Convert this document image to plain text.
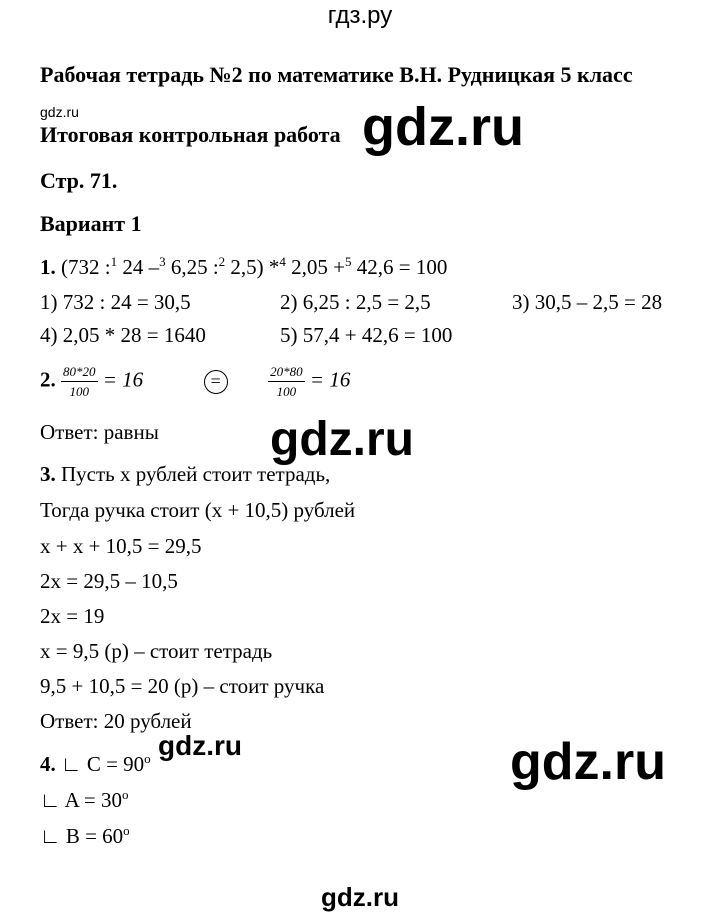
гдз.ру
Рабочая тетрадь №2 по математике В.Н. Рудницкая 5 класс
gdz.ru
Итоговая контрольная работа gdz.ru
Стр. 71.
Вариант 1
1. (732 :$^1$ 24 –$^3$ 6,25 :$^2$ 2,5) *$^4$ 2,05 +$^5$ 42,6 = 100
1) 732 : 24 = 30,5	2) 6,25 : 2,5 = 2,5	3) 30,5 – 2,5 = 28
4) 2,05 * 28 = 1640	5) 57,4 + 42,6 = 100
2. $\frac{80*20}{100} = 16$	=	$\frac{20*80}{100} = 16$
Ответ: равны gdz.ru
3. Пусть х рублей стоит тетрадь,
Тогда ручка стоит (х + 10,5) рублей
х + х + 10,5 = 29,5
2х = 29,5 – 10,5
2х = 19
х = 9,5 (р) – стоит тетрадь
9,5 + 10,5 = 20 (р) – стоит ручка
Ответ: 20 рублей
4. ∟ $C = 90^o$ gdz.ru	gdz.ru
∟ $A = 30^o$
∟ $B = 60^o$
gdz.ru
